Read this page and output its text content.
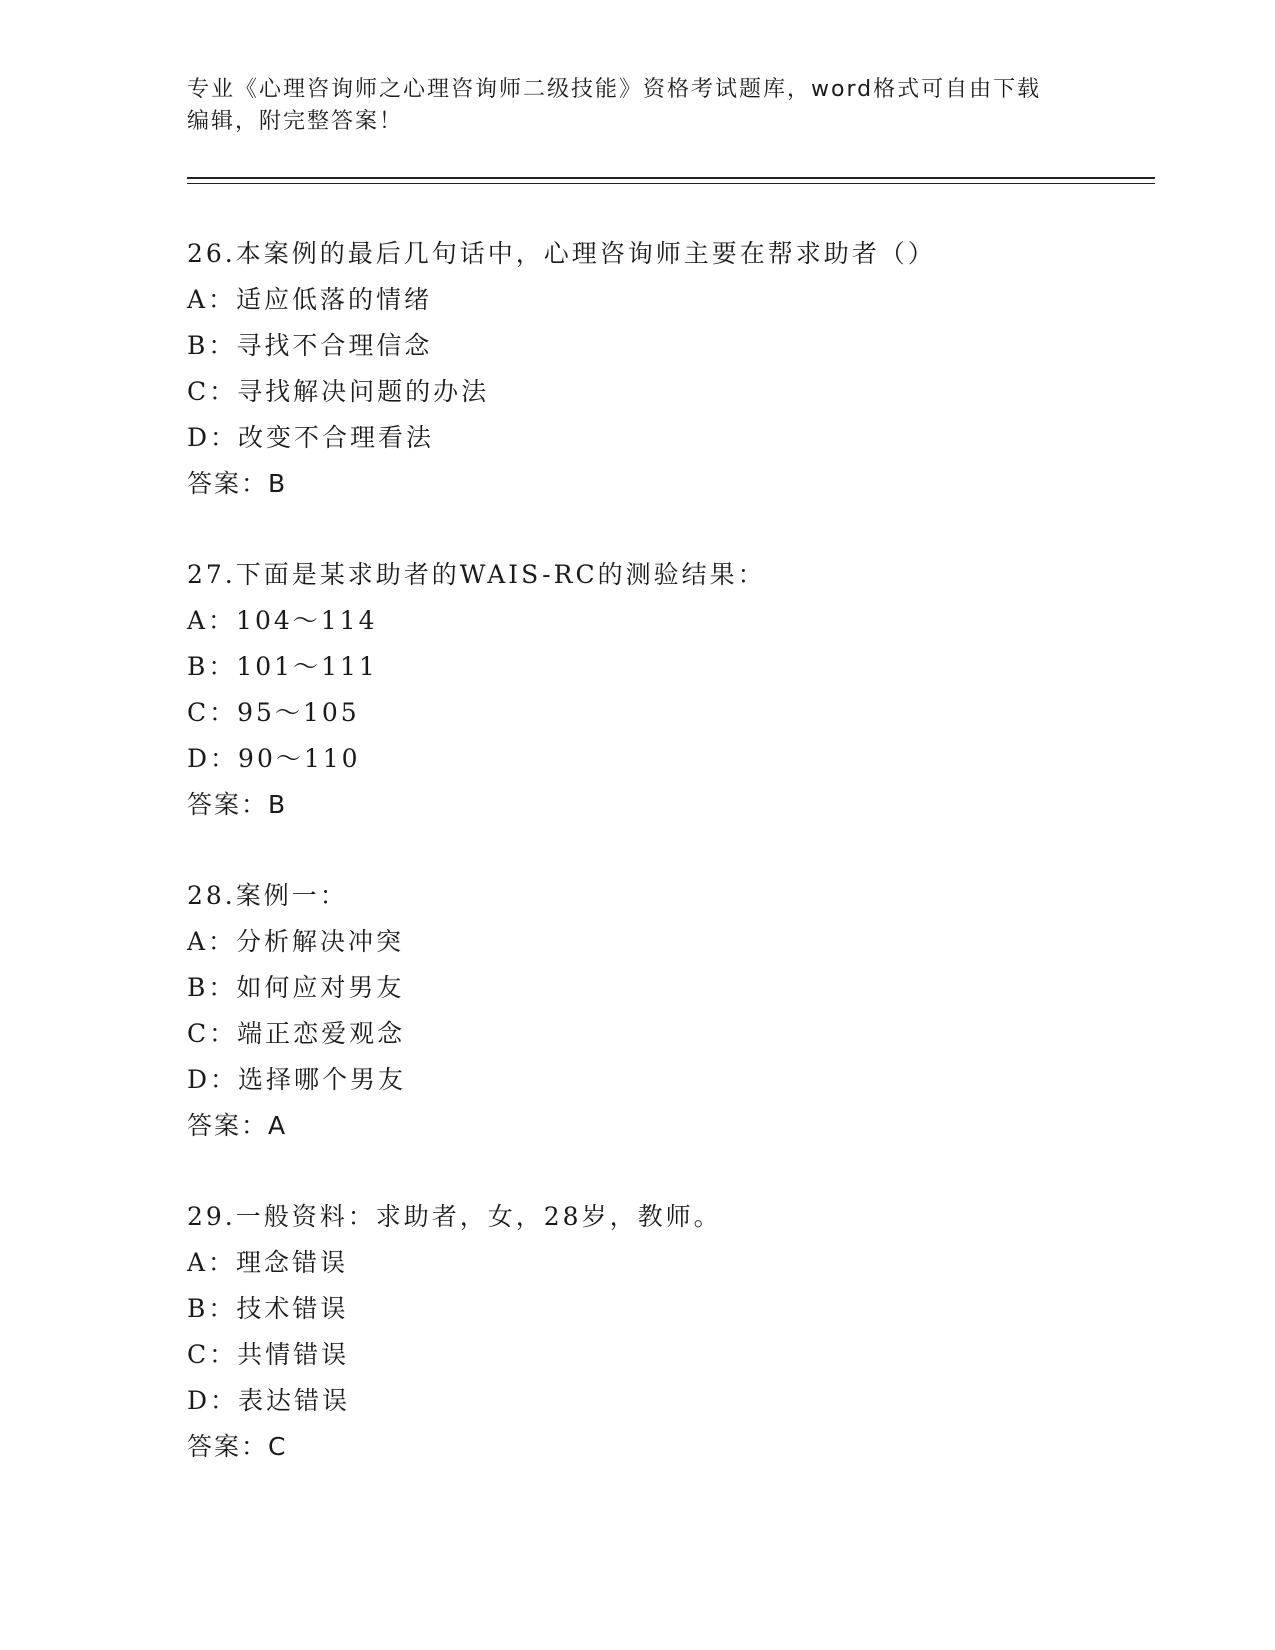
专业《心理咨询师之心理咨询师二级技能》资格考试题库，word格式可自由下载
编辑，附完整答案！
26.本案例的最后几句话中，心理咨询师主要在帮求助者（）
A：适应低落的情绪
B：寻找不合理信念
C：寻找解决问题的办法
D：改变不合理看法
答案：B
27.下面是某求助者的WAIS-RC的测验结果：
A：104～114
B：101～111
C：95～105
D：90～110
答案：B
28.案例一：
A：分析解决冲突
B：如何应对男友
C：端正恋爱观念
D：选择哪个男友
答案：A
29.一般资料：求助者，女，28岁，教师。
A：理念错误
B：技术错误
C：共情错误
D：表达错误
答案：C
